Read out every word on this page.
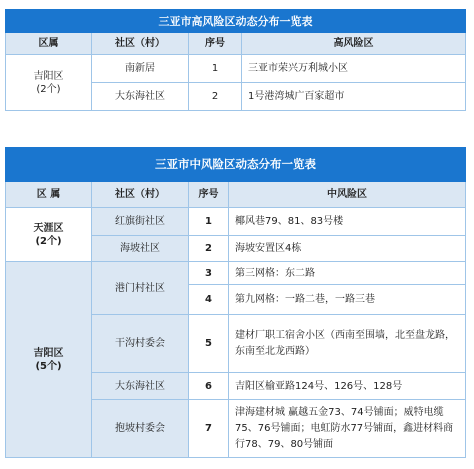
三亚市高风险区动态分布一览表			
区属	社区（村）	序号	高风险区

吉阳区
(2个)	南新居	1	三亚市荣兴万利城小区
	大东海社区	2	1号港湾城广百家超市
三亚市中风险区动态分布一览表			
区 属	社区（村）	序号	中风险区

天涯区
(2个)	红旗街社区	1	椰风巷79、81、83号楼
	海坡社区	2	海坡安置区4栋

吉阳区
(5个)	港门村社区	3	第三网格：东二路
		4	第九网格：一路二巷，一路三巷
	干沟村委会	5	建材厂职工宿舍小区（西南至围墙，北至盘龙路，东南至北龙西路）
	大东海社区	6	吉阳区榆亚路124号、126号、128号
	抱坡村委会	7	津海建材城 赢越五金73、74号铺面；威特电缆75、76号铺面；电虹防水77号铺面，鑫进材料商行78、79、80号铺面
